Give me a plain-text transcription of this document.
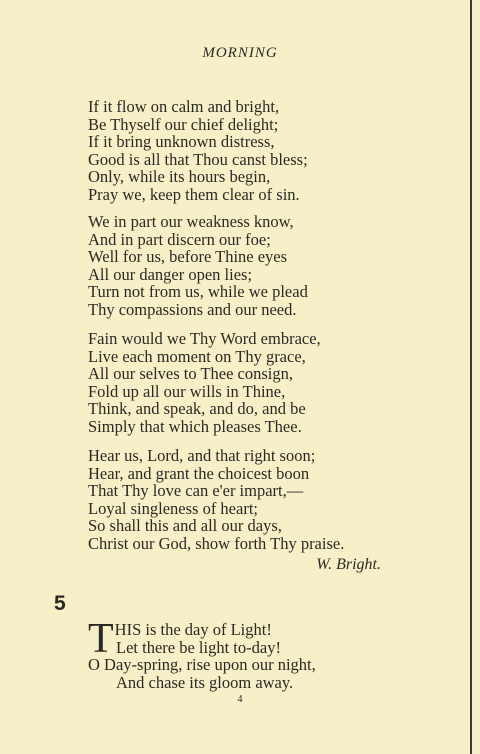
MORNING
If it flow on calm and bright,
Be Thyself our chief delight;
If it bring unknown distress,
Good is all that Thou canst bless;
Only, while its hours begin,
Pray we, keep them clear of sin.
We in part our weakness know,
And in part discern our foe;
Well for us, before Thine eyes
All our danger open lies;
Turn not from us, while we plead
Thy compassions and our need.
Fain would we Thy Word embrace,
Live each moment on Thy grace,
All our selves to Thee consign,
Fold up all our wills in Thine,
Think, and speak, and do, and be
Simply that which pleases Thee.
Hear us, Lord, and that right soon;
Hear, and grant the choicest boon
That Thy love can e'er impart,—
Loyal singleness of heart;
So shall this and all our days,
Christ our God, show forth Thy praise.
W. Bright.
5
T HIS is the day of Light!
Let there be light to-day!
O Day-spring, rise upon our night,
And chase its gloom away.
4
